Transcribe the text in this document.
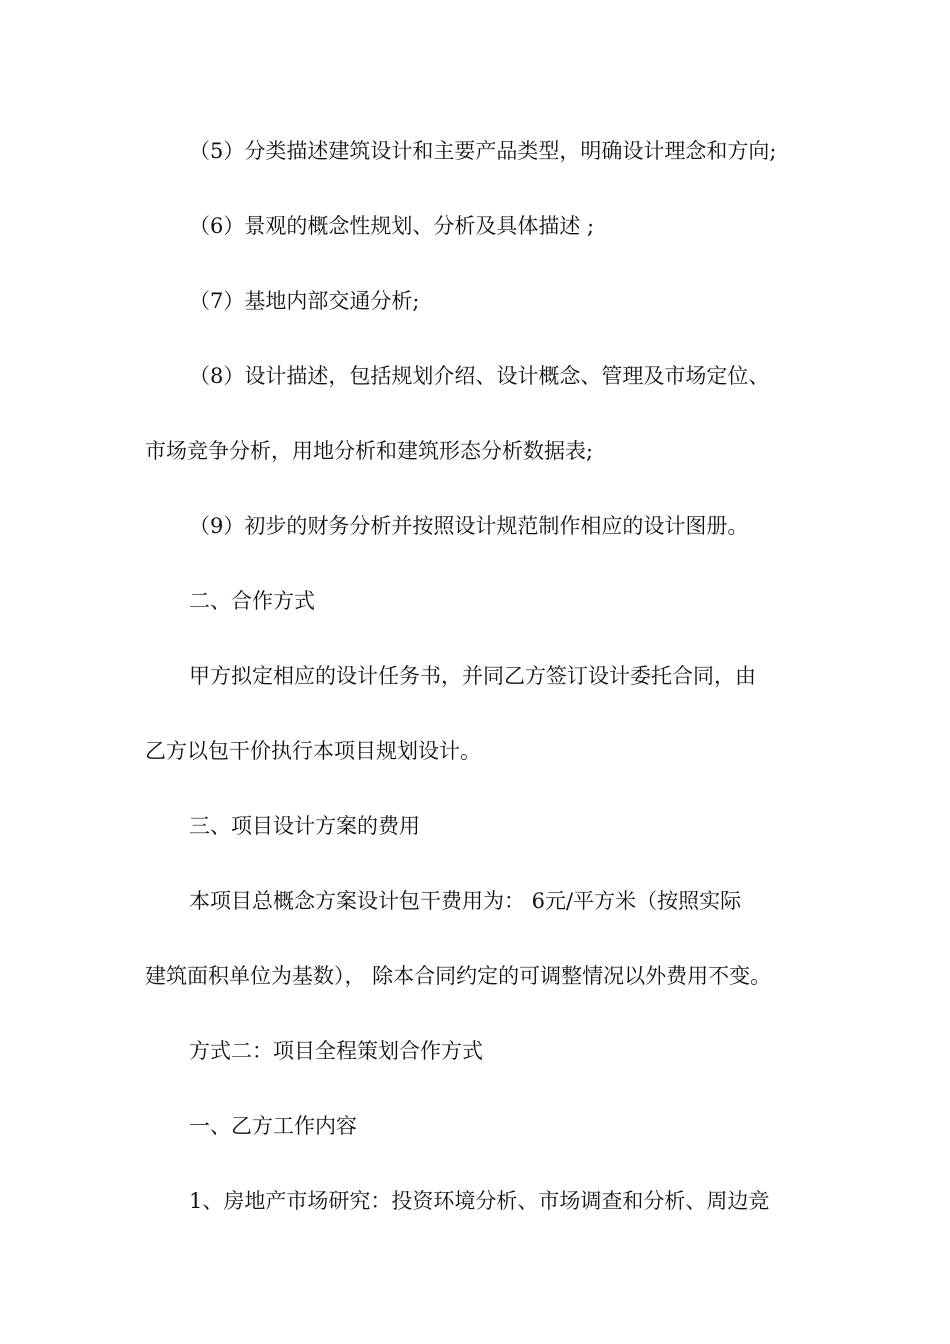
（5）分类描述建筑设计和主要产品类型，明确设计理念和方向;
（6）景观的概念性规划、分析及具体描述 ;
（7）基地内部交通分析;
（8）设计描述，包括规划介绍、设计概念、管理及市场定位、
市场竞争分析，用地分析和建筑形态分析数据表;
（9）初步的财务分析并按照设计规范制作相应的设计图册。
二、合作方式
甲方拟定相应的设计任务书，并同乙方签订设计委托合同，由
乙方以包干价执行本项目规划设计。
三、项目设计方案的费用
本项目总概念方案设计包干费用为： 6元/平方米（按照实际
建筑面积单位为基数）， 除本合同约定的可调整情况以外费用不变。
方式二：项目全程策划合作方式
一、乙方工作内容
1、房地产市场研究：投资环境分析、市场调查和分析、周边竞
